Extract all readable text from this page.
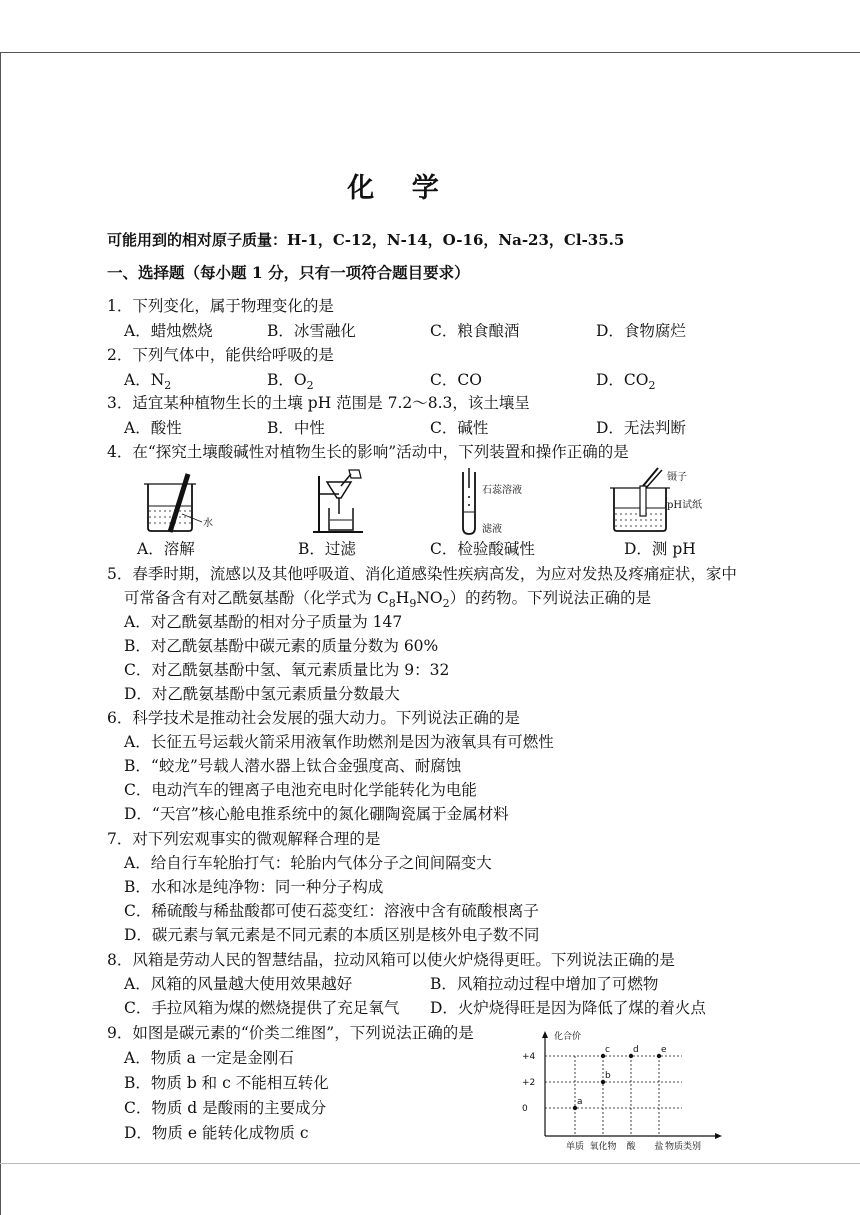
化 学
可能用到的相对原子质量：H-1，C-12，N-14，O-16，Na-23，Cl-35.5
一、选择题（每小题 1 分，只有一项符合题目要求）
1．下列变化，属于物理变化的是
A．蜡烛燃烧	B．冰雪融化	C．粮食酿酒	D．食物腐烂
2．下列气体中，能供给呼吸的是
A．$N_2$	B．$O_2$	C．CO	D．$CO_2$
3．适宜某种植物生长的土壤 pH 范围是 7.2～8.3，该土壤呈
A．酸性	B．中性	C．碱性	D．无法判断
4．在“探究土壤酸碱性对植物生长的影响”活动中，下列装置和操作正确的是
水
石蕊溶液
滤液
镊子
pH试纸
A．溶解	B．过滤	C．检验酸碱性	D．测 pH
5．春季时期，流感以及其他呼吸道、消化道感染性疾病高发，为应对发热及疼痛症状，家中
可常备含有对乙酰氨基酚（化学式为 $C_8H_9NO_2$）的药物。下列说法正确的是
A．对乙酰氨基酚的相对分子质量为 147
B．对乙酰氨基酚中碳元素的质量分数为 60%
C．对乙酰氨基酚中氢、氧元素质量比为 9：32
D．对乙酰氨基酚中氢元素质量分数最大
6．科学技术是推动社会发展的强大动力。下列说法正确的是
A．长征五号运载火箭采用液氧作助燃剂是因为液氧具有可燃性
B．“蛟龙”号载人潜水器上钛合金强度高、耐腐蚀
C．电动汽车的锂离子电池充电时化学能转化为电能
D．“天宫”核心舱电推系统中的氮化硼陶瓷属于金属材料
7．对下列宏观事实的微观解释合理的是
A．给自行车轮胎打气：轮胎内气体分子之间间隔变大
B．水和冰是纯净物：同一种分子构成
C．稀硫酸与稀盐酸都可使石蕊变红：溶液中含有硫酸根离子
D．碳元素与氧元素是不同元素的本质区别是核外电子数不同
8．风箱是劳动人民的智慧结晶，拉动风箱可以使火炉烧得更旺。下列说法正确的是
A．风箱的风量越大使用效果越好	B．风箱拉动过程中增加了可燃物
C．手拉风箱为煤的燃烧提供了充足氧气 D．火炉烧得旺是因为降低了煤的着火点
9．如图是碳元素的“价类二维图”，下列说法正确的是
A．物质 a 一定是金刚石
B．物质 b 和 c 不能相互转化
C．物质 d 是酸雨的主要成分
D．物质 e 能转化成物质 c
化合价
物质类别
+4
+2
0
单质 氧化物 酸 盐
a
b
c	d e
